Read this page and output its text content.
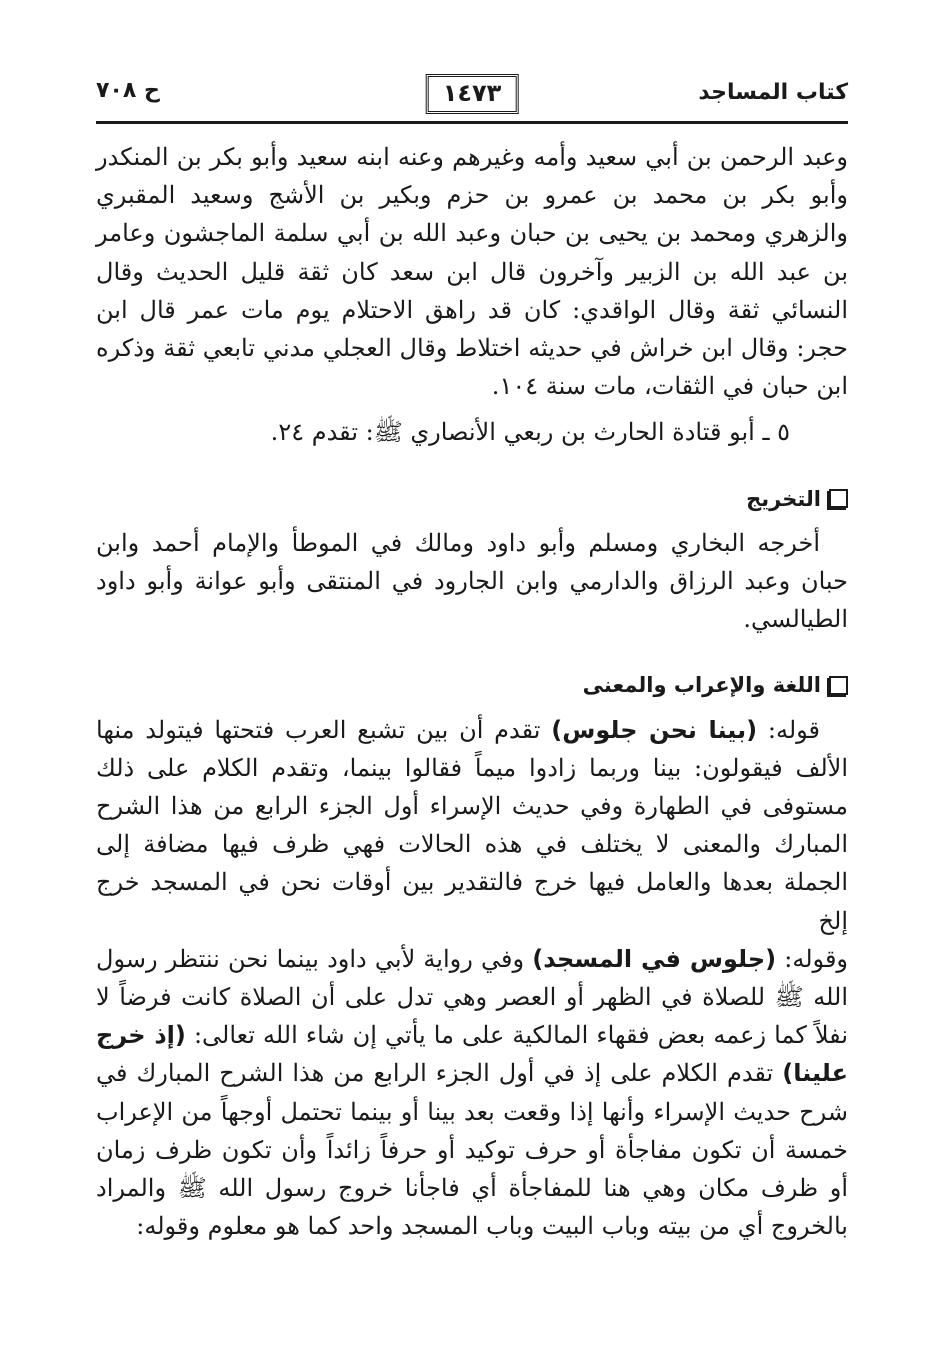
كتاب المساجد
١٤٧٣
ح ٧٠٨

وعبد الرحمن بن أبي سعيد وأمه وغيرهم وعنه ابنه سعيد وأبو بكر بن المنكدر وأبو بكر بن محمد بن عمرو بن حزم وبكير بن الأشج وسعيد المقبري والزهري ومحمد بن يحيى بن حبان وعبد الله بن أبي سلمة الماجشون وعامر بن عبد الله بن الزبير وآخرون قال ابن سعد كان ثقة قليل الحديث وقال النسائي ثقة وقال الواقدي: كان قد راهق الاحتلام يوم مات عمر قال ابن حجر: وقال ابن خراش في حديثه اختلاط وقال العجلي مدني تابعي ثقة وذكره ابن حبان في الثقات، مات سنة ١٠٤.

٥ ـ أبو قتادة الحارث بن ربعي الأنصاري ﷺ: تقدم ٢٤.

التخريج

أخرجه البخاري ومسلم وأبو داود ومالك في الموطأ والإمام أحمد وابن حبان وعبد الرزاق والدارمي وابن الجارود في المنتقى وأبو عوانة وأبو داود الطيالسي.

اللغة والإعراب والمعنى

قوله: (بينا نحن جلوس) تقدم أن بين تشبع العرب فتحتها فيتولد منها الألف فيقولون: بينا وربما زادوا ميماً فقالوا بينما، وتقدم الكلام على ذلك مستوفى في الطهارة وفي حديث الإسراء أول الجزء الرابع من هذا الشرح المبارك والمعنى لا يختلف في هذه الحالات فهي ظرف فيها مضافة إلى الجملة بعدها والعامل فيها خرج فالتقدير بين أوقات نحن في المسجد خرج إلخ

وقوله: (جلوس في المسجد) وفي رواية لأبي داود بينما نحن ننتظر رسول الله ﷺ للصلاة في الظهر أو العصر وهي تدل على أن الصلاة كانت فرضاً لا نفلاً كما زعمه بعض فقهاء المالكية على ما يأتي إن شاء الله تعالى: (إذ خرج علينا) تقدم الكلام على إذ في أول الجزء الرابع من هذا الشرح المبارك في شرح حديث الإسراء وأنها إذا وقعت بعد بينا أو بينما تحتمل أوجهاً من الإعراب خمسة أن تكون مفاجأة أو حرف توكيد أو حرفاً زائداً وأن تكون ظرف زمان أو ظرف مكان وهي هنا للمفاجأة أي فاجأنا خروج رسول الله ﷺ والمراد بالخروج أي من بيته وباب البيت وباب المسجد واحد كما هو معلوم وقوله:
